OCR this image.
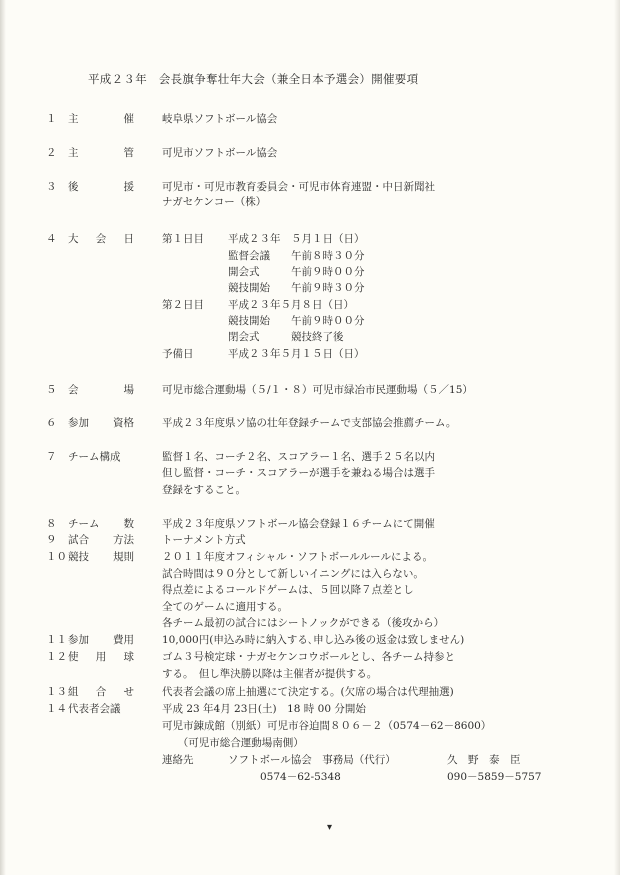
平成２３年　会長旗争奪壮年大会（兼全日本予選会）開催要項
１ 主	催	岐阜県ソフトボール協会
２ 主	管	可児市ソフトボール協会
３ 後	援	可児市・可児市教育委員会・可児市体育連盟・中日新聞社
ナガセケンコー（株）
４ 大 会 日	第１日目 平成２３年　５月１日（日）
監督会議 午前８時３０分
開会式	午前９時００分
競技開始 午前９時３０分
第２日目 平成２３年５月８日（日）
競技開始 午前９時００分
閉会式	競技終了後
予備日	平成２３年５月１５日（日）
５ 会	場	可児市総合運動場（５/１・８）可児市緑冶市民運動場（５／15）
６ 参加 資格	平成２３年度県ソ協の壮年登録チームで支部協会推薦チーム。
７ チーム構成	監督１名、コーチ２名、スコアラー１名、選手２５名以内
但し監督・コーチ・スコアラーが選手を兼ねる場合は選手
登録をすること。
８ チーム 数	平成２３年度県ソフトボール協会登録１６チームにて開催
９ 試合 方法	トーナメント方式
１０ 競技 規則	２０１１年度オフィシャル・ソフトボールルールによる。
試合時間は９０分として新しいイニングには入らない。
得点差によるコールドゲームは、５回以降７点差とし
全てのゲームに適用する。
各チーム最初の試合にはシートノックができる（後攻から）
１１ 参加 費用	10,000円(申込み時に納入する､申し込み後の返金は致しません)
１２ 使 用 球	ゴム３号検定球・ナガセケンコウボールとし、各チーム持参と
する。　但し準決勝以降は主催者が提供する。
１３ 組 合 せ	代表者会議の席上抽選にて決定する。(欠席の場合は代理抽選)
１４ 代表者会議	平成 23 年4月 23日(土)　18 時 00 分開始
可児市錬成館（別紙）可児市谷迫間８０６－２（0574－62－8600）
　　（可児市総合運動場南側）
連絡先	ソフトボール協会　事務局（代行）	久　野　泰　臣
0574－62-5348	090－5859－5757
▾
